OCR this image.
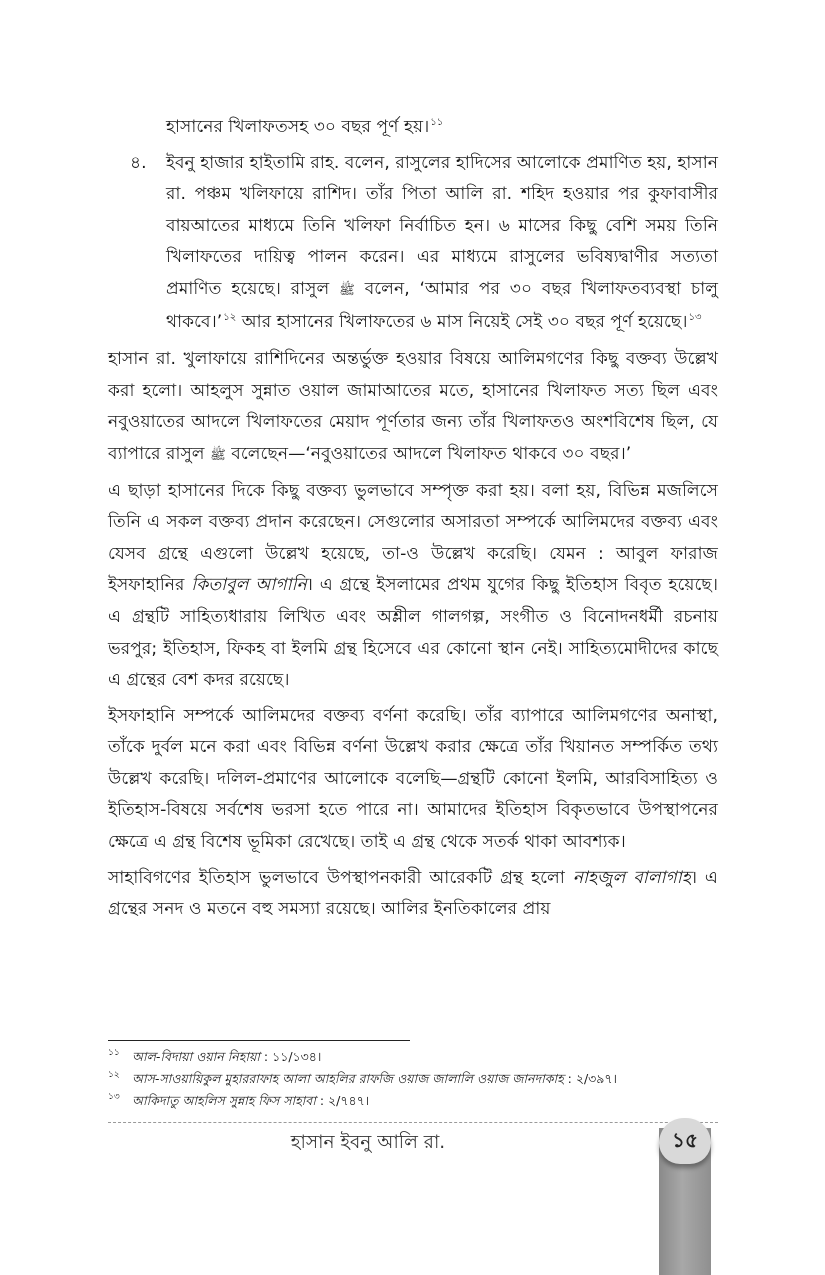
হাসানের খিলাফতসহ ৩০ বছর পূর্ণ হয়।$^{১১}$

৪. ইবনু হাজার হাইতামি রাহ. বলেন, রাসুলের হাদিসের আলোকে প্রমাণিত হয়, হাসান রা. পঞ্চম খলিফায়ে রাশিদ। তাঁর পিতা আলি রা. শহিদ হওয়ার পর কুফাবাসীর বায়আতের মাধ্যমে তিনি খলিফা নির্বাচিত হন। ৬ মাসের কিছু বেশি সময় তিনি খিলাফতের দায়িত্ব পালন করেন। এর মাধ্যমে রাসুলের ভবিষ্যদ্বাণীর সত্যতা প্রমাণিত হয়েছে। রাসুল ﷺ বলেন, ‘আমার পর ৩০ বছর খিলাফতব্যবস্থা চালু থাকবে।’$^{১২}$ আর হাসানের খিলাফতের ৬ মাস নিয়েই সেই ৩০ বছর পূর্ণ হয়েছে।$^{১৩}$

হাসান রা. খুলাফায়ে রাশিদিনের অন্তর্ভুক্ত হওয়ার বিষয়ে আলিমগণের কিছু বক্তব্য উল্লেখ করা হলো। আহলুস সুন্নাত ওয়াল জামাআতের মতে, হাসানের খিলাফত সত্য ছিল এবং নবুওয়াতের আদলে খিলাফতের মেয়াদ পূর্ণতার জন্য তাঁর খিলাফতও অংশবিশেষ ছিল, যে ব্যাপারে রাসুল ﷺ বলেছেন—‘নবুওয়াতের আদলে খিলাফত থাকবে ৩০ বছর।’

এ ছাড়া হাসানের দিকে কিছু বক্তব্য ভুলভাবে সম্পৃক্ত করা হয়। বলা হয়, বিভিন্ন মজলিসে তিনি এ সকল বক্তব্য প্রদান করেছেন। সেগুলোর অসারতা সম্পর্কে আলিমদের বক্তব্য এবং যেসব গ্রন্থে এগুলো উল্লেখ হয়েছে, তা-ও উল্লেখ করেছি। যেমন : আবুল ফারাজ ইসফাহানির কিতাবুল আগানি। এ গ্রন্থে ইসলামের প্রথম যুগের কিছু ইতিহাস বিবৃত হয়েছে। এ গ্রন্থটি সাহিত্যধারায় লিখিত এবং অশ্লীল গালগল্প, সংগীত ও বিনোদনধর্মী রচনায় ভরপুর; ইতিহাস, ফিকহ বা ইলমি গ্রন্থ হিসেবে এর কোনো স্থান নেই। সাহিত্যমোদীদের কাছে এ গ্রন্থের বেশ কদর রয়েছে।

ইসফাহানি সম্পর্কে আলিমদের বক্তব্য বর্ণনা করেছি। তাঁর ব্যাপারে আলিমগণের অনাস্থা, তাঁকে দুর্বল মনে করা এবং বিভিন্ন বর্ণনা উল্লেখ করার ক্ষেত্রে তাঁর খিয়ানত সম্পর্কিত তথ্য উল্লেখ করেছি। দলিল-প্রমাণের আলোকে বলেছি—গ্রন্থটি কোনো ইলমি, আরবিসাহিত্য ও ইতিহাস-বিষয়ে সর্বশেষ ভরসা হতে পারে না। আমাদের ইতিহাস বিকৃতভাবে উপস্থাপনের ক্ষেত্রে এ গ্রন্থ বিশেষ ভূমিকা রেখেছে। তাই এ গ্রন্থ থেকে সতর্ক থাকা আবশ্যক।

সাহাবিগণের ইতিহাস ভুলভাবে উপস্থাপনকারী আরেকটি গ্রন্থ হলো নাহজুল বালাগাহ। এ গ্রন্থের সনদ ও মতনে বহু সমস্যা রয়েছে। আলির ইনতিকালের প্রায়

১১ আল-বিদায়া ওয়ান নিহায়া : ১১/১৩৪।
১২ আস-সাওয়ায়িকুল মুহাররাফাহ আলা আহলির রাফজি ওয়াজ জালালি ওয়াজ জানদাকাহ : ২/৩৯৭।
১৩ আকিদাতু আহলিস সুন্নাহ ফিস সাহাবা : ২/৭৪৭।
হাসান ইবনু আলি রা.	১৫
